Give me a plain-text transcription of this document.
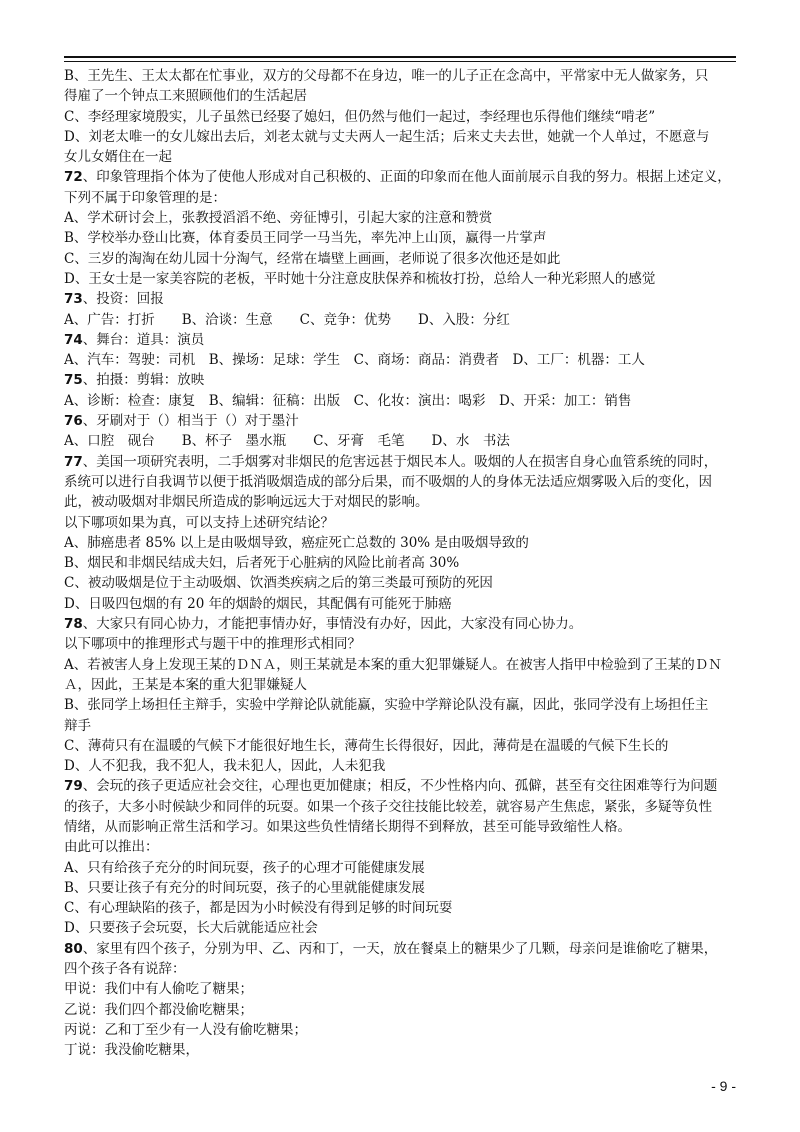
B、王先生、王太太都在忙事业，双方的父母都不在身边，唯一的儿子正在念高中，平常家中无人做家务，只
得雇了一个钟点工来照顾他们的生活起居
C、李经理家境殷实，儿子虽然已经娶了媳妇，但仍然与他们一起过，李经理也乐得他们继续“啃老”
D、刘老太唯一的女儿嫁出去后，刘老太就与丈夫两人一起生活；后来丈夫去世，她就一个人单过，不愿意与
女儿女婿住在一起
72、印象管理指个体为了使他人形成对自己积极的、正面的印象而在他人面前展示自我的努力。根据上述定义，
下列不属于印象管理的是：
A、学术研讨会上，张教授滔滔不绝、旁征博引，引起大家的注意和赞赏
B、学校举办登山比赛，体育委员王同学一马当先，率先冲上山顶，赢得一片掌声
C、三岁的淘淘在幼儿园十分淘气，经常在墙壁上画画，老师说了很多次他还是如此
D、王女士是一家美容院的老板，平时她十分注意皮肤保养和梳妆打扮，总给人一种光彩照人的感觉
73、投资：回报
A、广告：打折　　B、洽谈：生意　　C、竞争：优势　　D、入股：分红
74、舞台：道具：演员
A、汽车：驾驶：司机　B、操场：足球：学生　C、商场：商品：消费者　D、工厂：机器：工人
75、拍摄：剪辑：放映
A、诊断：检查：康复　B、编辑：征稿：出版　C、化妆：演出：喝彩　D、开采：加工：销售
76、牙刷对于（）相当于（）对于墨汁
A、口腔　砚台　　B、杯子　墨水瓶　　C、牙膏　毛笔　　D、水　书法
77、美国一项研究表明，二手烟雾对非烟民的危害远甚于烟民本人。吸烟的人在损害自身心血管系统的同时，
系统可以进行自我调节以便于抵消吸烟造成的部分后果，而不吸烟的人的身体无法适应烟雾吸入后的变化，因
此，被动吸烟对非烟民所造成的影响远远大于对烟民的影响。
以下哪项如果为真，可以支持上述研究结论？
A、肺癌患者 85% 以上是由吸烟导致，癌症死亡总数的 30% 是由吸烟导致的
B、烟民和非烟民结成夫妇，后者死于心脏病的风险比前者高 30%
C、被动吸烟是位于主动吸烟、饮酒类疾病之后的第三类最可预防的死因
D、日吸四包烟的有 20 年的烟龄的烟民，其配偶有可能死于肺癌
78、大家只有同心协力，才能把事情办好，事情没有办好，因此，大家没有同心协力。
以下哪项中的推理形式与题干中的推理形式相同？
A、若被害人身上发现王某的ＤＮＡ，则王某就是本案的重大犯罪嫌疑人。在被害人指甲中检验到了王某的ＤＮ
Ａ，因此，王某是本案的重大犯罪嫌疑人
B、张同学上场担任主辩手，实验中学辩论队就能赢，实验中学辩论队没有赢，因此，张同学没有上场担任主
辩手
C、薄荷只有在温暖的气候下才能很好地生长，薄荷生长得很好，因此，薄荷是在温暖的气候下生长的
D、人不犯我，我不犯人，我未犯人，因此，人未犯我
79、会玩的孩子更适应社会交往，心理也更加健康；相反，不少性格内向、孤僻，甚至有交往困难等行为问题
的孩子，大多小时候缺少和同伴的玩耍。如果一个孩子交往技能比较差，就容易产生焦虑，紧张，多疑等负性
情绪，从而影响正常生活和学习。如果这些负性情绪长期得不到释放，甚至可能导致缩性人格。
由此可以推出：
A、只有给孩子充分的时间玩耍，孩子的心理才可能健康发展
B、只要让孩子有充分的时间玩耍，孩子的心里就能健康发展
C、有心理缺陷的孩子，都是因为小时候没有得到足够的时间玩耍
D、只要孩子会玩耍，长大后就能适应社会
80、家里有四个孩子，分别为甲、乙、丙和丁，一天，放在餐桌上的糖果少了几颗，母亲问是谁偷吃了糖果，
四个孩子各有说辞：
甲说：我们中有人偷吃了糖果；
乙说：我们四个都没偷吃糖果；
丙说：乙和丁至少有一人没有偷吃糖果；
丁说：我没偷吃糖果，
- 9 -
